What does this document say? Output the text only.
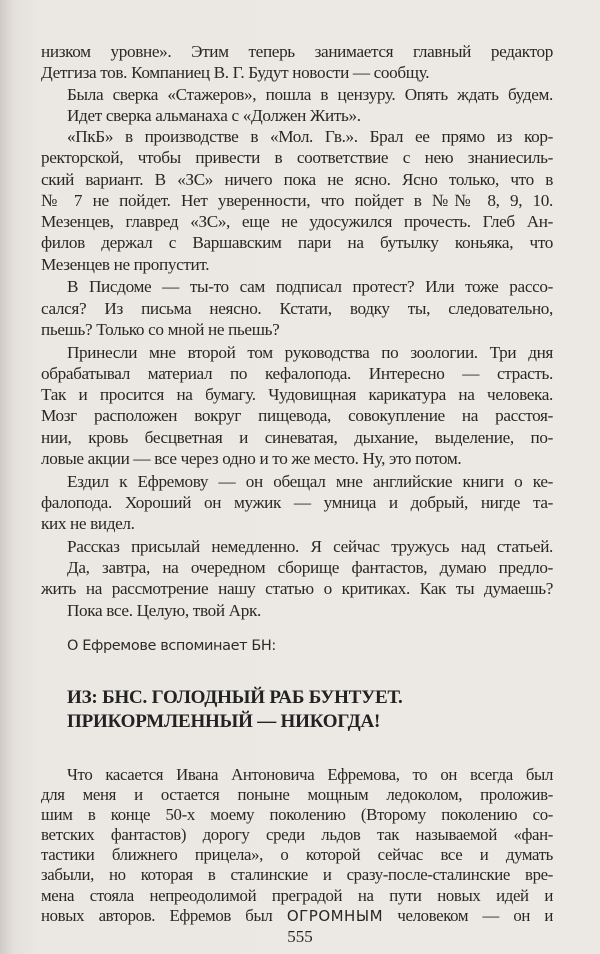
низком уровне». Этим теперь занимается главный редактор
Детгиза тов. Компаниец В. Г. Будут новости — сообщу.
Была сверка «Стажеров», пошла в цензуру. Опять ждать будем.
Идет сверка альманаха с «Должен Жить».
«ПкБ» в производстве в «Мол. Гв.». Брал ее прямо из кор-
ректорской, чтобы привести в соответствие с нею знаниесиль-
ский вариант. В «ЗС» ничего пока не ясно. Ясно только, что в
№ 7 не пойдет. Нет уверенности, что пойдет в №№ 8, 9, 10.
Мезенцев, главред «ЗС», еще не удосужился прочесть. Глеб Ан-
филов держал с Варшавским пари на бутылку коньяка, что
Мезенцев не пропустит.
В Писдоме — ты-то сам подписал протест? Или тоже рассо-
сался? Из письма неясно. Кстати, водку ты, следовательно,
пьешь? Только со мной не пьешь?
Принесли мне второй том руководства по зоологии. Три дня
обрабатывал материал по кефалопода. Интересно — страсть.
Так и просится на бумагу. Чудовищная карикатура на человека.
Мозг расположен вокруг пищевода, совокупление на расстоя-
нии, кровь бесцветная и синеватая, дыхание, выделение, по-
ловые акции — все через одно и то же место. Ну, это потом.
Ездил к Ефремову — он обещал мне английские книги о ке-
фалопода. Хороший он мужик — умница и добрый, нигде та-
ких не видел.
Рассказ присылай немедленно. Я сейчас тружусь над статьей.
Да, завтра, на очередном сборище фантастов, думаю предло-
жить на рассмотрение нашу статью о критиках. Как ты думаешь?
Пока все. Целую, твой Арк.
О Ефремове вспоминает БН:
ИЗ: БНС. ГОЛОДНЫЙ РАБ БУНТУЕТ.
ПРИКОРМЛЕННЫЙ — НИКОГДА!
Что касается Ивана Антоновича Ефремова, то он всегда был
для меня и остается поныне мощным ледоколом, проложив-
шим в конце 50-х моему поколению (Второму поколению со-
ветских фантастов) дорогу среди льдов так называемой «фан-
тастики ближнего прицела», о которой сейчас все и думать
забыли, но которая в сталинские и сразу-после-сталинские вре-
мена стояла непреодолимой преградой на пути новых идей и
новых авторов. Ефремов был ОГРОМНЫМ человеком — он и
555
